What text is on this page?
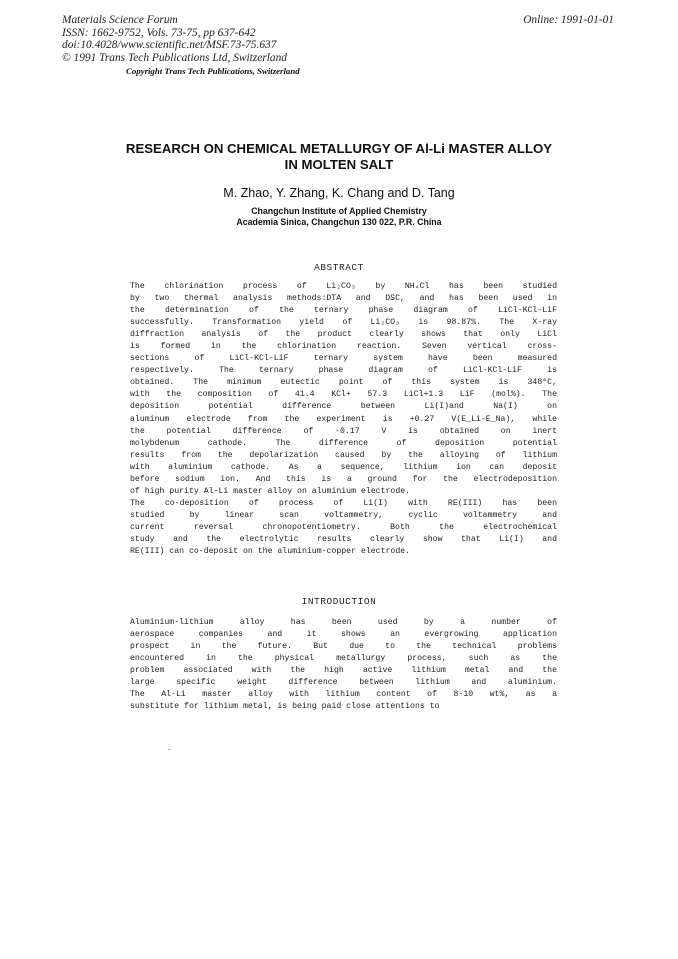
Materials Science Forum
ISSN: 1662-9752, Vols. 73-75, pp 637-642
doi:10.4028/www.scientific.net/MSF.73-75.637
© 1991 Trans Tech Publications Ltd, Switzerland
Online: 1991-01-01
Copyright Trans Tech Publications, Switzerland
RESEARCH ON CHEMICAL METALLURGY OF Al-Li MASTER ALLOY
IN MOLTEN SALT
M. Zhao, Y. Zhang, K. Chang and D. Tang
Changchun Institute of Applied Chemistry
Academia Sinica, Changchun 130 022, P.R. China
ABSTRACT
The chlorination process of Li₂CO₃ by NH₄Cl has been studied
by two thermal analysis methods:DTA and DSC, and has been used in
the determination of the ternary phase diagram of LiCl-KCl-LiF
successfully. Transformation yield of Li₂CO₃ is 98.87%. The X-ray
diffraction analysis of the product clearly shows that only LiCl
is formed in the chlorination reaction. Seven vertical cross-
sections of LiCl-KCl-LiF ternary system have been measured
respectively. The ternary phase diagram of LiCl-KCl-LiF is
obtained. The minimum eutectic point of this system is 348°C,
with the composition of 41.4 KCl+ 57.3 LiCl+1.3 LiF (mol%). The
deposition potential difference between Li(I)and Na(I) on
aluminum electrode from the experiment is +0.27 V(E_Li-E_Na), while
the potential difference of -0.17 V is obtained on inert
molybdenum cathode. The difference of deposition potential
results from the depolarization caused by the alloying of lithium
with aluminium cathode. As a sequence, lithium ion can deposit
before sodium ion. And this is a ground for the electrodeposition
of high purity Al-Li master alloy on aluminium electrode.
The co-deposition of process of Li(I) with RE(III) has been
studied by linear scan voltammetry, cyclic voltammetry and
current reversal chronopotentiometry. Both the electrochemical
study and the electrolytic results clearly show that Li(I) and
RE(III) can co-deposit on the aluminium-copper electrode.
INTRODUCTION
Aluminium-lithium alloy has been used by a number of
aerospace companies and it shows an evergrowing application
prospect in the future. But due to the technical problems
encountered in the physical metallurgy process, such as the
problem associated with the high active lithium metal and the
large specific weight difference between lithium and aluminium.
The Al-Li master alloy with lithium content of 8-10 wt%, as a
substitute for lithium metal, is being paid close attentions to
